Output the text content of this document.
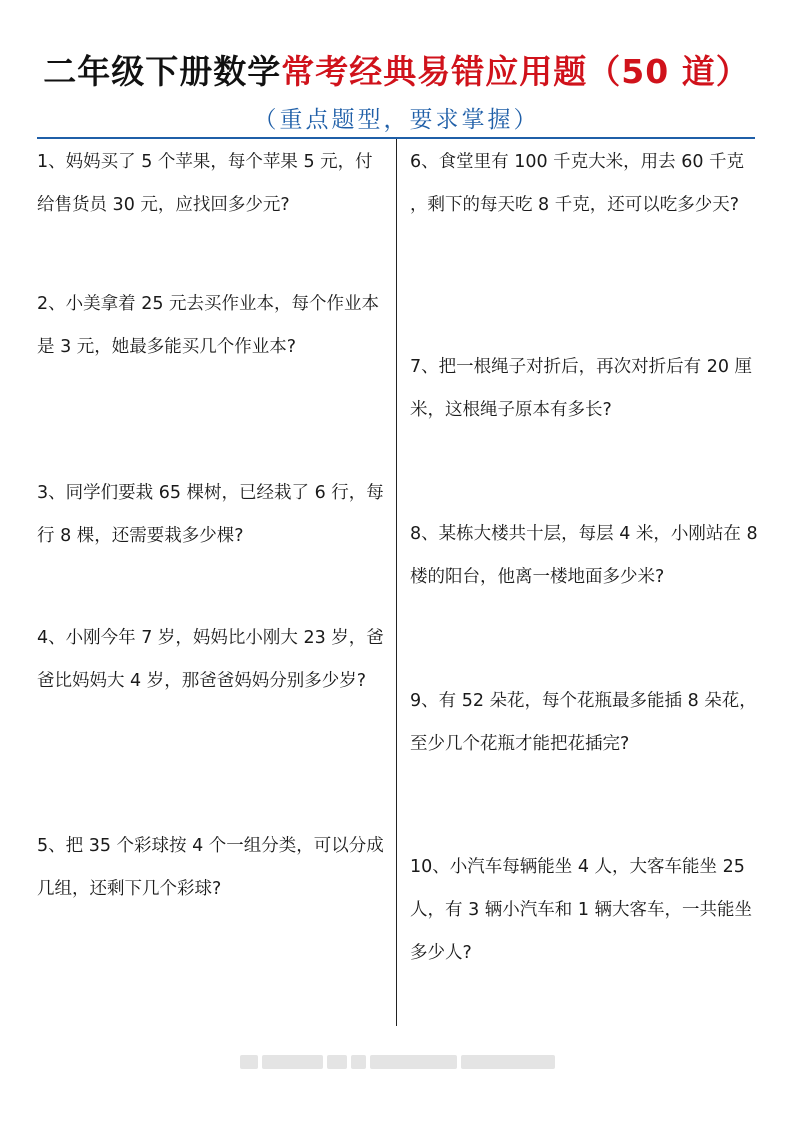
二年级下册数学常考经典易错应用题（50 道）
（重点题型，要求掌握）

1、妈妈买了 5 个苹果，每个苹果 5 元，付给售货员 30 元，应找回多少元?

2、小美拿着 25 元去买作业本，每个作业本是 3 元，她最多能买几个作业本?

3、同学们要栽 65 棵树，已经栽了 6 行，每行 8 棵，还需要栽多少棵?

4、小刚今年 7 岁，妈妈比小刚大 23 岁，爸爸比妈妈大 4 岁，那爸爸妈妈分别多少岁?

5、把 35 个彩球按 4 个一组分类，可以分成几组，还剩下几个彩球?

6、食堂里有 100 千克大米，用去 60 千克 ，剩下的每天吃 8 千克，还可以吃多少天?

7、把一根绳子对折后，再次对折后有 20 厘米，这根绳子原本有多长?

8、某栋大楼共十层，每层 4 米，小刚站在 8 楼的阳台，他离一楼地面多少米?

9、有 52 朵花，每个花瓶最多能插 8 朵花，至少几个花瓶才能把花插完?

10、小汽车每辆能坐 4 人，大客车能坐 25 人，有 3 辆小汽车和 1 辆大客车，一共能坐多少人?
